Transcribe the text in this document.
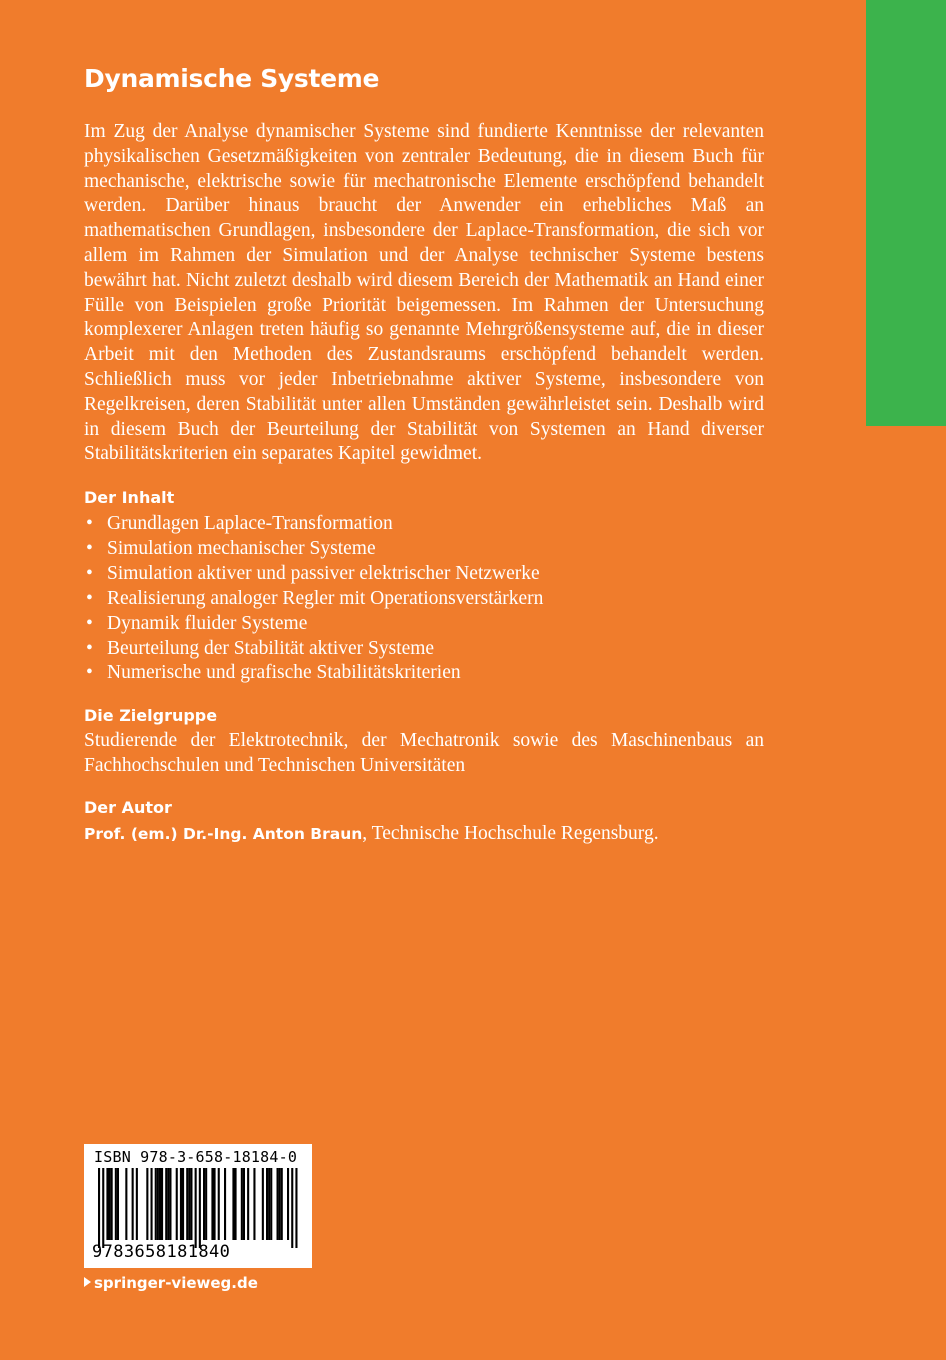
Dynamische Systeme

Im Zug der Analyse dynamischer Systeme sind fundierte Kenntnisse der relevanten physikalischen Gesetzmäßigkeiten von zentraler Bedeutung, die in diesem Buch für mechanische, elektrische sowie für mechatronische Elemente erschöpfend behandelt werden. Darüber hinaus braucht der Anwender ein erhebliches Maß an mathematischen Grundlagen, insbesondere der Laplace-Transformation, die sich vor allem im Rahmen der Simulation und der Analyse technischer Systeme bestens bewährt hat. Nicht zuletzt deshalb wird diesem Bereich der Mathematik an Hand einer Fülle von Beispielen große Priorität beigemessen. Im Rahmen der Untersuchung komplexerer Anlagen treten häufig so genannte Mehrgrößensysteme auf, die in dieser Arbeit mit den Methoden des Zustandsraums erschöpfend behandelt werden. Schließlich muss vor jeder Inbetriebnahme aktiver Systeme, insbesondere von Regelkreisen, deren Stabilität unter allen Umständen gewährleistet sein. Deshalb wird in diesem Buch der Beurteilung der Stabilität von Systemen an Hand diverser Stabilitätskriterien ein separates Kapitel gewidmet.

Der Inhalt
• Grundlagen Laplace-Transformation
• Simulation mechanischer Systeme
• Simulation aktiver und passiver elektrischer Netzwerke
• Realisierung analoger Regler mit Operationsverstärkern
• Dynamik fluider Systeme
• Beurteilung der Stabilität aktiver Systeme
• Numerische und grafische Stabilitätskriterien
Die Zielgruppe

Studierende der Elektrotechnik, der Mechatronik sowie des Maschinenbaus an Fachhochschulen und Technischen Universitäten

Der Autor

Prof. (em.) Dr.-Ing. Anton Braun, Technische Hochschule Regensburg.

ISBN 978-3-658-18184-0
9783658181840

springer-vieweg.de
